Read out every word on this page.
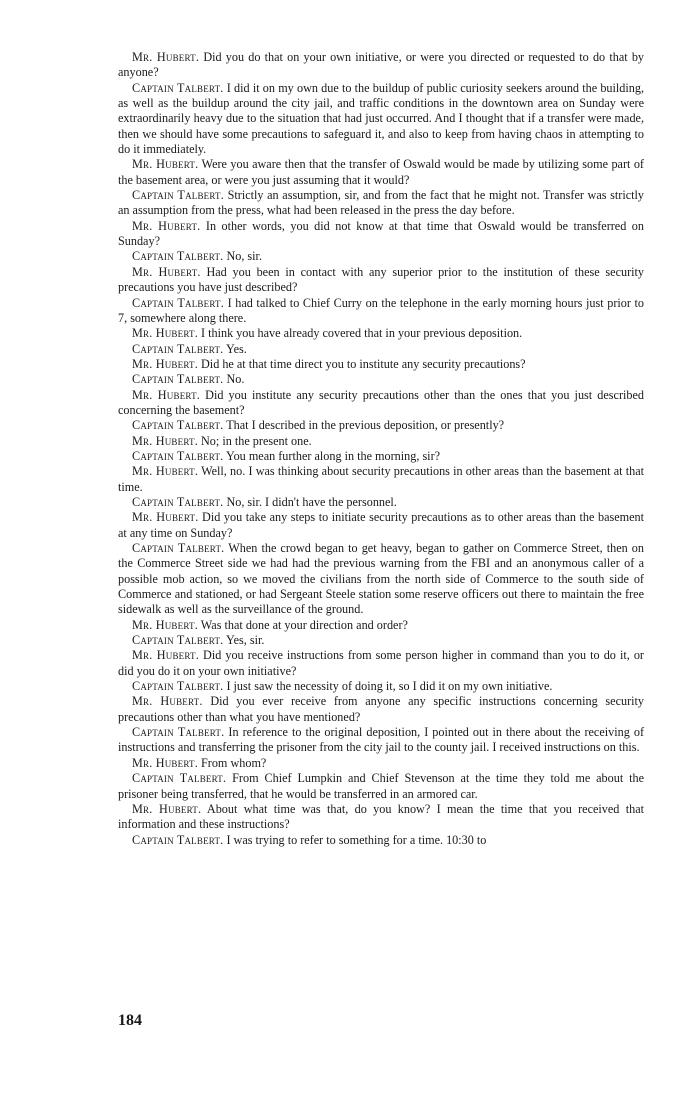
Mr. Hubert. Did you do that on your own initiative, or were you directed or requested to do that by anyone?

Captain Talbert. I did it on my own due to the buildup of public curiosity seekers around the building, as well as the buildup around the city jail, and traffic conditions in the downtown area on Sunday were extraordinarily heavy due to the situation that had just occurred. And I thought that if a transfer were made, then we should have some precautions to safeguard it, and also to keep from having chaos in attempting to do it immediately.

Mr. Hubert. Were you aware then that the transfer of Oswald would be made by utilizing some part of the basement area, or were you just assuming that it would?

Captain Talbert. Strictly an assumption, sir, and from the fact that he might not. Transfer was strictly an assumption from the press, what had been released in the press the day before.

Mr. Hubert. In other words, you did not know at that time that Oswald would be transferred on Sunday?

Captain Talbert. No, sir.

Mr. Hubert. Had you been in contact with any superior prior to the institution of these security precautions you have just described?

Captain Talbert. I had talked to Chief Curry on the telephone in the early morning hours just prior to 7, somewhere along there.

Mr. Hubert. I think you have already covered that in your previous deposition.

Captain Talbert. Yes.

Mr. Hubert. Did he at that time direct you to institute any security precautions?

Captain Talbert. No.

Mr. Hubert. Did you institute any security precautions other than the ones that you just described concerning the basement?

Captain Talbert. That I described in the previous deposition, or presently?

Mr. Hubert. No; in the present one.

Captain Talbert. You mean further along in the morning, sir?

Mr. Hubert. Well, no. I was thinking about security precautions in other areas than the basement at that time.

Captain Talbert. No, sir. I didn't have the personnel.

Mr. Hubert. Did you take any steps to initiate security precautions as to other areas than the basement at any time on Sunday?

Captain Talbert. When the crowd began to get heavy, began to gather on Commerce Street, then on the Commerce Street side we had had the previous warning from the FBI and an anonymous caller of a possible mob action, so we moved the civilians from the north side of Commerce to the south side of Commerce and stationed, or had Sergeant Steele station some reserve officers out there to maintain the free sidewalk as well as the surveillance of the ground.

Mr. Hubert. Was that done at your direction and order?

Captain Talbert. Yes, sir.

Mr. Hubert. Did you receive instructions from some person higher in command than you to do it, or did you do it on your own initiative?

Captain Talbert. I just saw the necessity of doing it, so I did it on my own initiative.

Mr. Hubert. Did you ever receive from anyone any specific instructions concerning security precautions other than what you have mentioned?

Captain Talbert. In reference to the original deposition, I pointed out in there about the receiving of instructions and transferring the prisoner from the city jail to the county jail. I received instructions on this.

Mr. Hubert. From whom?

Captain Talbert. From Chief Lumpkin and Chief Stevenson at the time they told me about the prisoner being transferred, that he would be transferred in an armored car.

Mr. Hubert. About what time was that, do you know? I mean the time that you received that information and these instructions?

Captain Talbert. I was trying to refer to something for a time. 10:30 to

184
